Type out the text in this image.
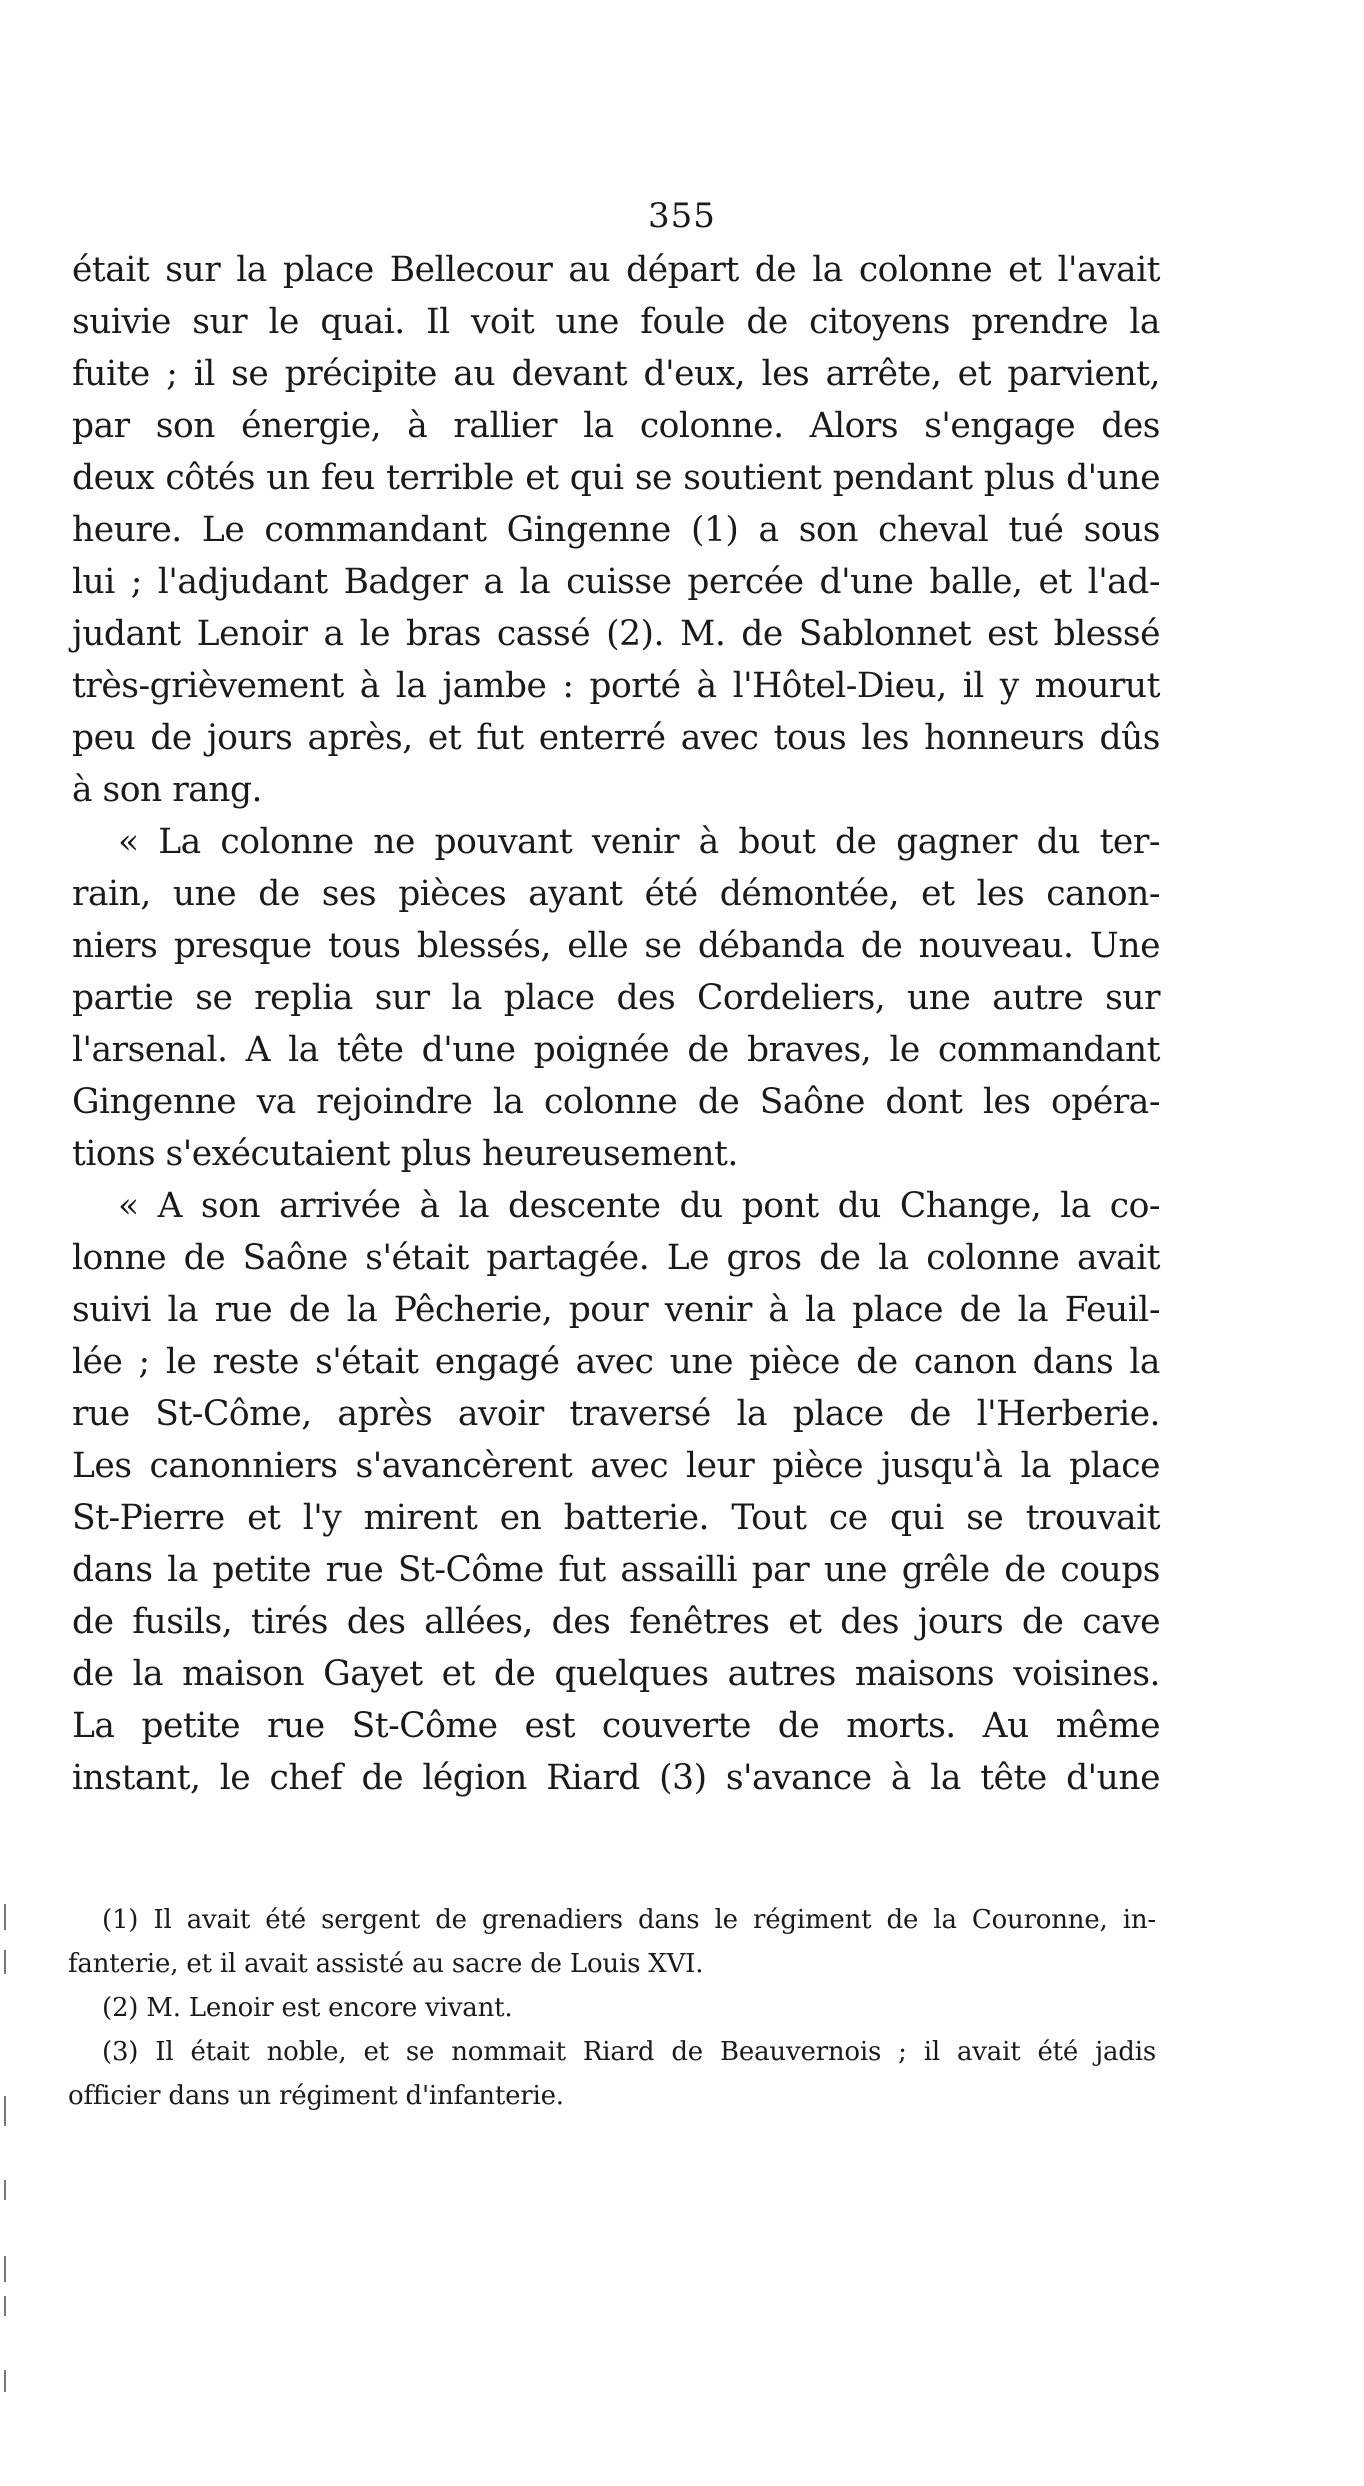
355
était sur la place Bellecour au départ de la colonne et l'avait
suivie sur le quai. Il voit une foule de citoyens prendre la
fuite ; il se précipite au devant d'eux, les arrête, et parvient,
par son énergie, à rallier la colonne. Alors s'engage des
deux côtés un feu terrible et qui se soutient pendant plus d'une
heure. Le commandant Gingenne (1) a son cheval tué sous
lui ; l'adjudant Badger a la cuisse percée d'une balle, et l'ad-
judant Lenoir a le bras cassé (2). M. de Sablonnet est blessé
très-grièvement à la jambe : porté à l'Hôtel-Dieu, il y mourut
peu de jours après, et fut enterré avec tous les honneurs dûs
à son rang.
« La colonne ne pouvant venir à bout de gagner du ter-
rain, une de ses pièces ayant été démontée, et les canon-
niers presque tous blessés, elle se débanda de nouveau. Une
partie se replia sur la place des Cordeliers, une autre sur
l'arsenal. A la tête d'une poignée de braves, le commandant
Gingenne va rejoindre la colonne de Saône dont les opéra-
tions s'exécutaient plus heureusement.
« A son arrivée à la descente du pont du Change, la co-
lonne de Saône s'était partagée. Le gros de la colonne avait
suivi la rue de la Pêcherie, pour venir à la place de la Feuil-
lée ; le reste s'était engagé avec une pièce de canon dans la
rue St-Côme, après avoir traversé la place de l'Herberie.
Les canonniers s'avancèrent avec leur pièce jusqu'à la place
St-Pierre et l'y mirent en batterie. Tout ce qui se trouvait
dans la petite rue St-Côme fut assailli par une grêle de coups
de fusils, tirés des allées, des fenêtres et des jours de cave
de la maison Gayet et de quelques autres maisons voisines.
La petite rue St-Côme est couverte de morts. Au même
instant, le chef de légion Riard (3) s'avance à la tête d'une
(1) Il avait été sergent de grenadiers dans le régiment de la Couronne, in-
fanterie, et il avait assisté au sacre de Louis XVI.
(2) M. Lenoir est encore vivant.
(3) Il était noble, et se nommait Riard de Beauvernois ; il avait été jadis
officier dans un régiment d'infanterie.
